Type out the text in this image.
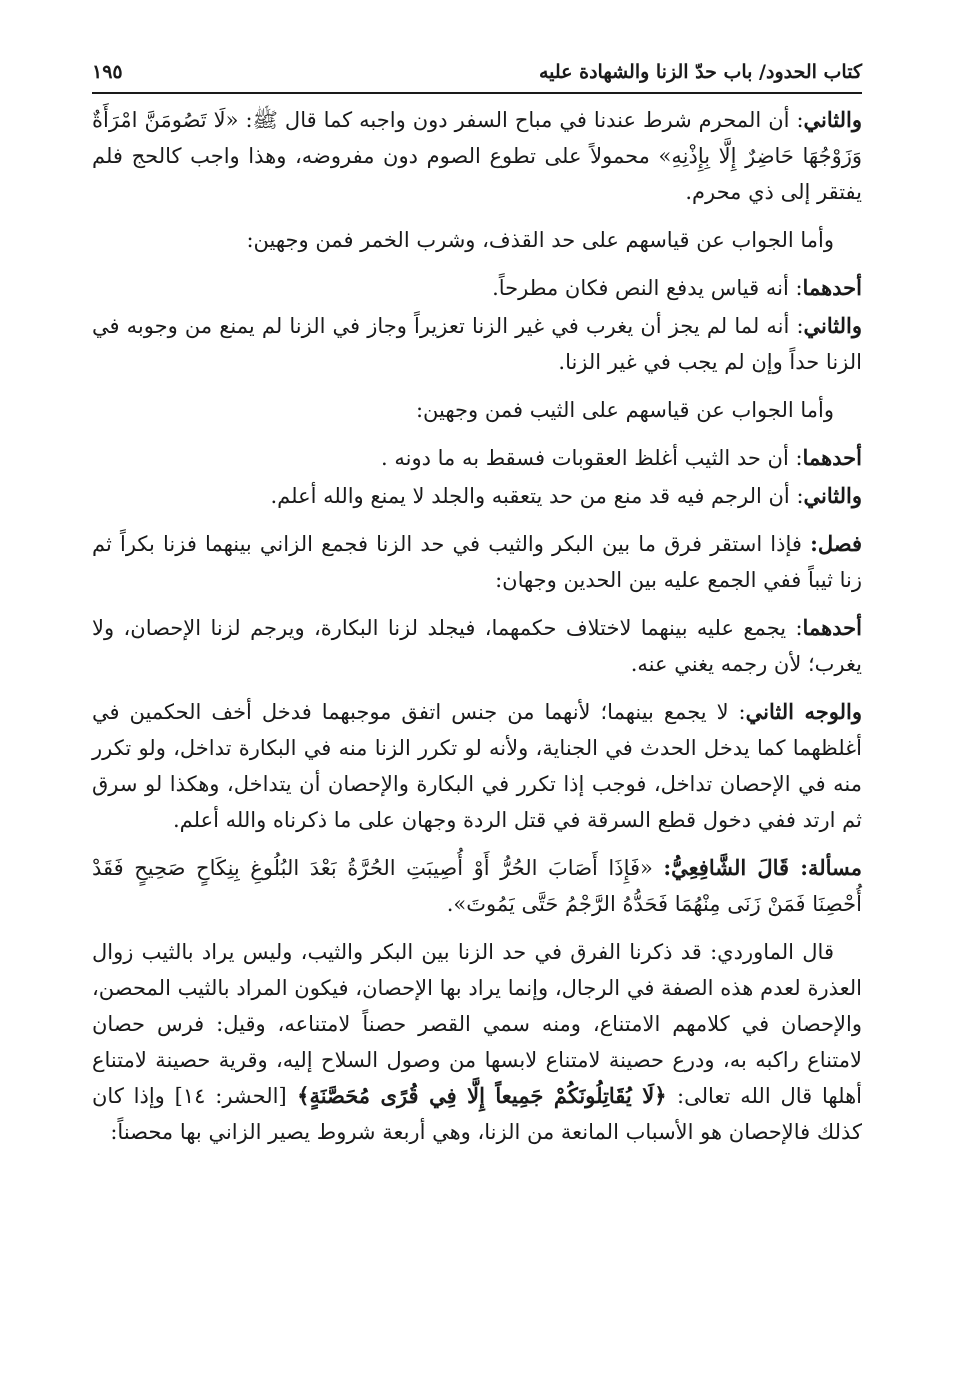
كتاب الحدود/ باب حدّ الزنا والشهادة عليه
١٩٥

والثاني: أن المحرم شرط عندنا في مباح السفر دون واجبه كما قال ﷺ: «لَا تَصُومَنَّ امْرَأَةٌ وَزَوْجُهَا حَاضِرٌ إِلَّا بِإِذْنِهِ» محمولاً على تطوع الصوم دون مفروضه، وهذا واجب كالحج فلم يفتقر إلى ذي محرم.

وأما الجواب عن قياسهم على حد القذف، وشرب الخمر فمن وجهين:

أحدهما: أنه قياس يدفع النص فكان مطرحاً.

والثاني: أنه لما لم يجز أن يغرب في غير الزنا تعزيراً وجاز في الزنا لم يمنع من وجوبه في الزنا حداً وإن لم يجب في غير الزنا.

وأما الجواب عن قياسهم على الثيب فمن وجهين:

أحدهما: أن حد الثيب أغلظ العقوبات فسقط به ما دونه .

والثاني: أن الرجم فيه قد منع من حد يتعقبه والجلد لا يمنع والله أعلم.

فصل: فإذا استقر فرق ما بين البكر والثيب في حد الزنا فجمع الزاني بينهما فزنا بكراً ثم زنا ثيباً ففي الجمع عليه بين الحدين وجهان:

أحدهما: يجمع عليه بينهما لاختلاف حكمهما، فيجلد لزنا البكارة، ويرجم لزنا الإحصان، ولا يغرب؛ لأن رجمه يغني عنه.

والوجه الثاني: لا يجمع بينهما؛ لأنهما من جنس اتفق موجبهما فدخل أخف الحكمين في أغلظهما كما يدخل الحدث في الجناية، ولأنه لو تكرر الزنا منه في البكارة تداخل، ولو تكرر منه في الإحصان تداخل، فوجب إذا تكرر في البكارة والإحصان أن يتداخل، وهكذا لو سرق ثم ارتد ففي دخول قطع السرقة في قتل الردة وجهان على ما ذكرناه والله أعلم.

مسألة: قَالَ الشَّافِعِيُّ: «فَإِذَا أَصَابَ الحُرُّ أَوْ أُصِيبَتِ الحُرَّةُ بَعْدَ البُلُوغِ بِنِكَاحٍ صَحِيحٍ فَقَدْ أُحْصِنَا فَمَنْ زَنَى مِنْهُمَا فَحَدُّهُ الرَّجْمُ حَتَّى يَمُوتَ».

قال الماوردي: قد ذكرنا الفرق في حد الزنا بين البكر والثيب، وليس يراد بالثيب زوال العذرة لعدم هذه الصفة في الرجال، وإنما يراد بها الإحصان، فيكون المراد بالثيب المحصن، والإحصان في كلامهم الامتناع، ومنه سمي القصر حصناً لامتناعه، وقيل: فرس حصان لامتناع راكبه به، ودرع حصينة لامتناع لابسها من وصول السلاح إليه، وقرية حصينة لامتناع أهلها قال الله تعالى: ﴿لَا يُقَاتِلُونَكُمْ جَمِيعاً إِلَّا فِي قُرًى مُحَصَّنَةٍ﴾ [الحشر: ١٤] وإذا كان كذلك فالإحصان هو الأسباب المانعة من الزنا، وهي أربعة شروط يصير الزاني بها محصناً:
